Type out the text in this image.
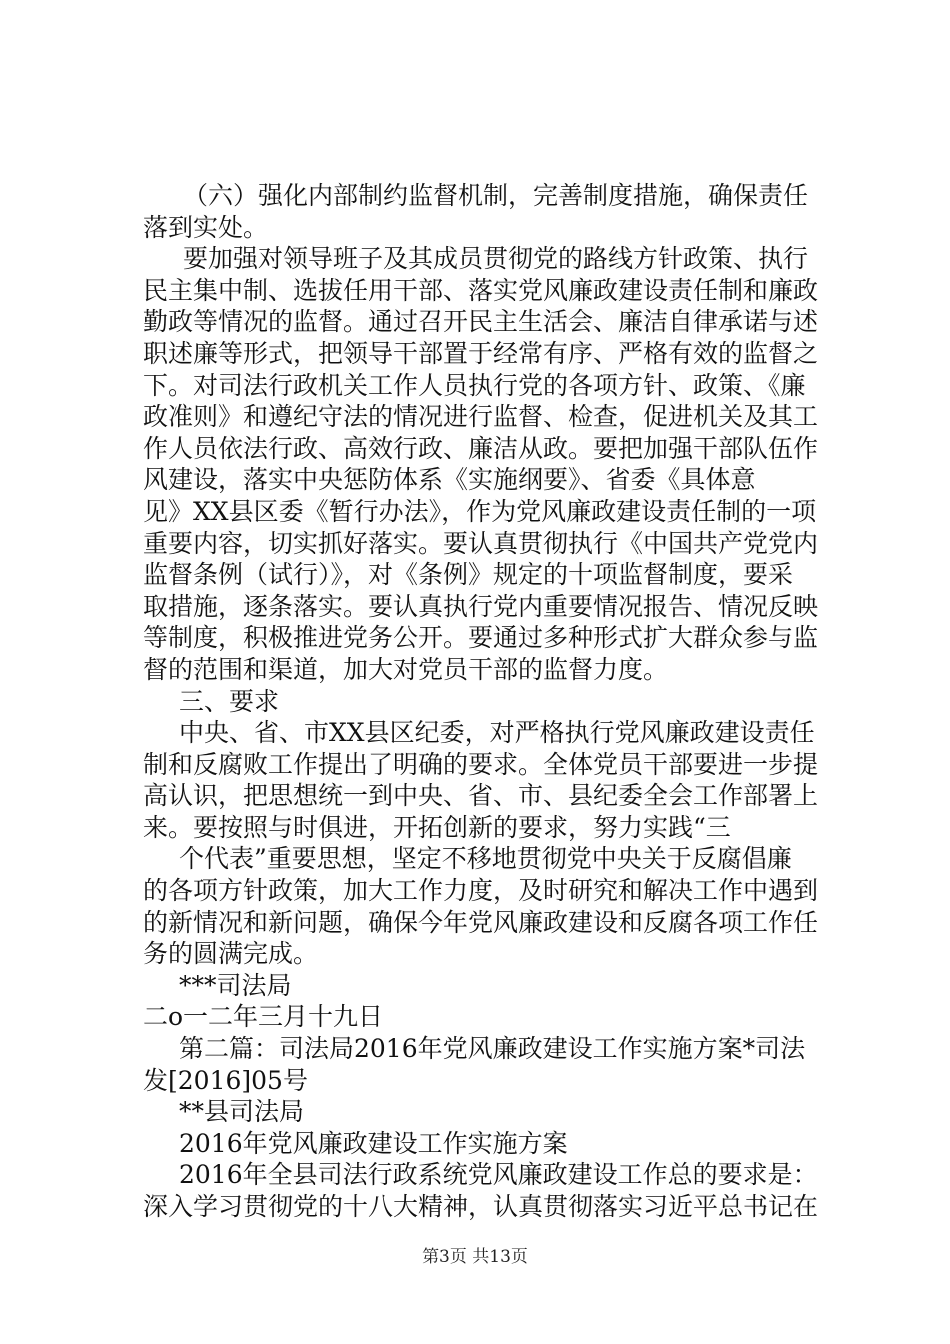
（六）强化内部制约监督机制，完善制度措施，确保责任
落到实处。
要加强对领导班子及其成员贯彻党的路线方针政策、执行
民主集中制、选拔任用干部、落实党风廉政建设责任制和廉政
勤政等情况的监督。通过召开民主生活会、廉洁自律承诺与述
职述廉等形式，把领导干部置于经常有序、严格有效的监督之
下。对司法行政机关工作人员执行党的各项方针、政策、《廉
政准则》和遵纪守法的情况进行监督、检查，促进机关及其工
作人员依法行政、高效行政、廉洁从政。要把加强干部队伍作
风建设，落实中央惩防体系《实施纲要》、省委《具体意
见》XX县区委《暂行办法》，作为党风廉政建设责任制的一项
重要内容，切实抓好落实。要认真贯彻执行《中国共产党党内
监督条例（试行）》，对《条例》规定的十项监督制度，要采
取措施，逐条落实。要认真执行党内重要情况报告、情况反映
等制度，积极推进党务公开。要通过多种形式扩大群众参与监
督的范围和渠道，加大对党员干部的监督力度。
三、要求
中央、省、市XX县区纪委，对严格执行党风廉政建设责任
制和反腐败工作提出了明确的要求。全体党员干部要进一步提
高认识，把思想统一到中央、省、市、县纪委全会工作部署上
来。要按照与时俱进，开拓创新的要求，努力实践“三
个代表”重要思想，坚定不移地贯彻党中央关于反腐倡廉
的各项方针政策，加大工作力度，及时研究和解决工作中遇到
的新情况和新问题，确保今年党风廉政建设和反腐各项工作任
务的圆满完成。
***司法局
二o一二年三月十九日
第二篇：司法局2016年党风廉政建设工作实施方案*司法
发[2016]05号
**县司法局
2016年党风廉政建设工作实施方案
2016年全县司法行政系统党风廉政建设工作总的要求是：
深入学习贯彻党的十八大精神，认真贯彻落实习近平总书记在
第3页 共13页
